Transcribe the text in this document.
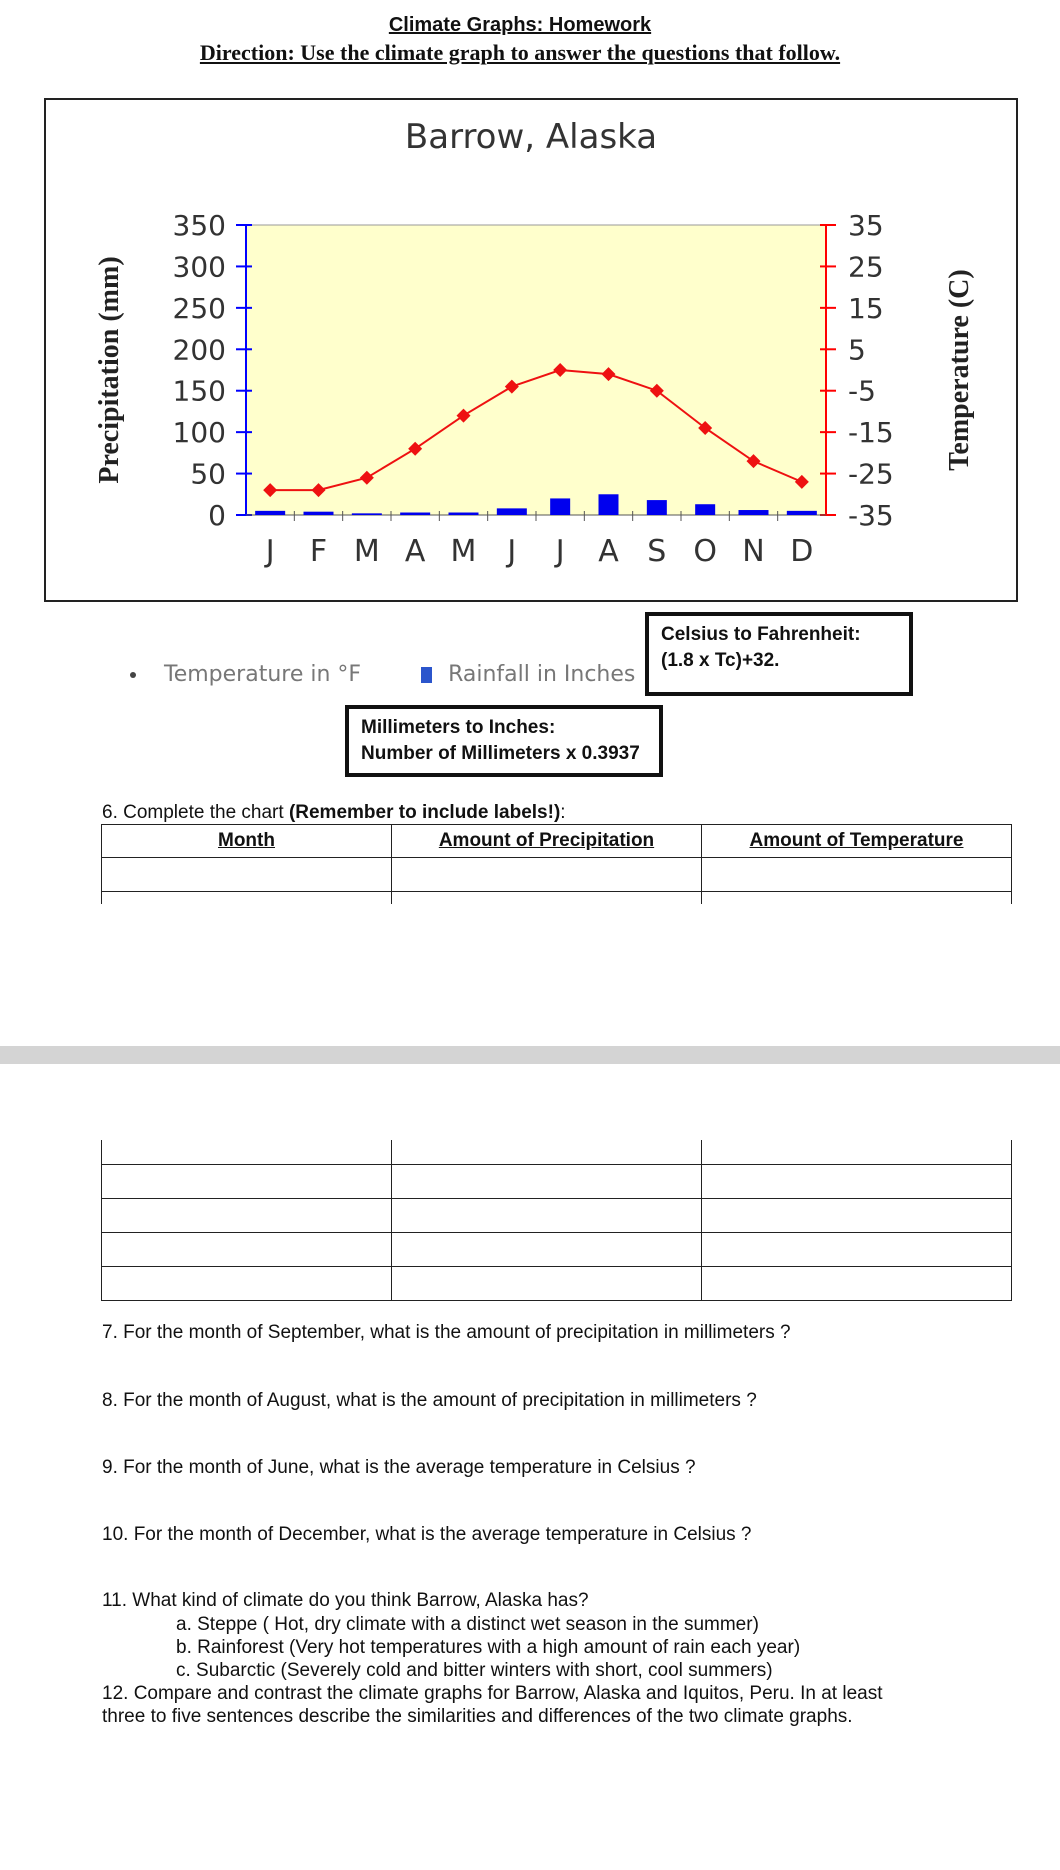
Climate Graphs: Homework
Direction: Use the climate graph to answer the questions that follow.
Barrow, Alaska
350
300
250
200
150
100
50
0
35
25
15
5
-5
-15
-25
-35
J F M A M J J A S O N D
Precipitation (mm)	Temperature (C)
Temperature in °F	Rainfall in Inches
Celsius to Fahrenheit:
(1.8 x Tc)+32.
Millimeters to Inches:
Number of Millimeters x 0.3937
6. Complete the chart (Remember to include labels!):
Month	Amount of Precipitation	Amount of Temperature

7. For the month of September, what is the amount of precipitation in millimeters ?
8. For the month of August, what is the amount of precipitation in millimeters ?
9. For the month of June, what is the average temperature in Celsius ?
10. For the month of December, what is the average temperature in Celsius ?
11. What kind of climate do you think Barrow, Alaska has?
a. Steppe ( Hot, dry climate with a distinct wet season in the summer)
b. Rainforest (Very hot temperatures with a high amount of rain each year)
c. Subarctic (Severely cold and bitter winters with short, cool summers)
12. Compare and contrast the climate graphs for Barrow, Alaska and Iquitos, Peru. In at least
three to five sentences describe the similarities and differences of the two climate graphs.
